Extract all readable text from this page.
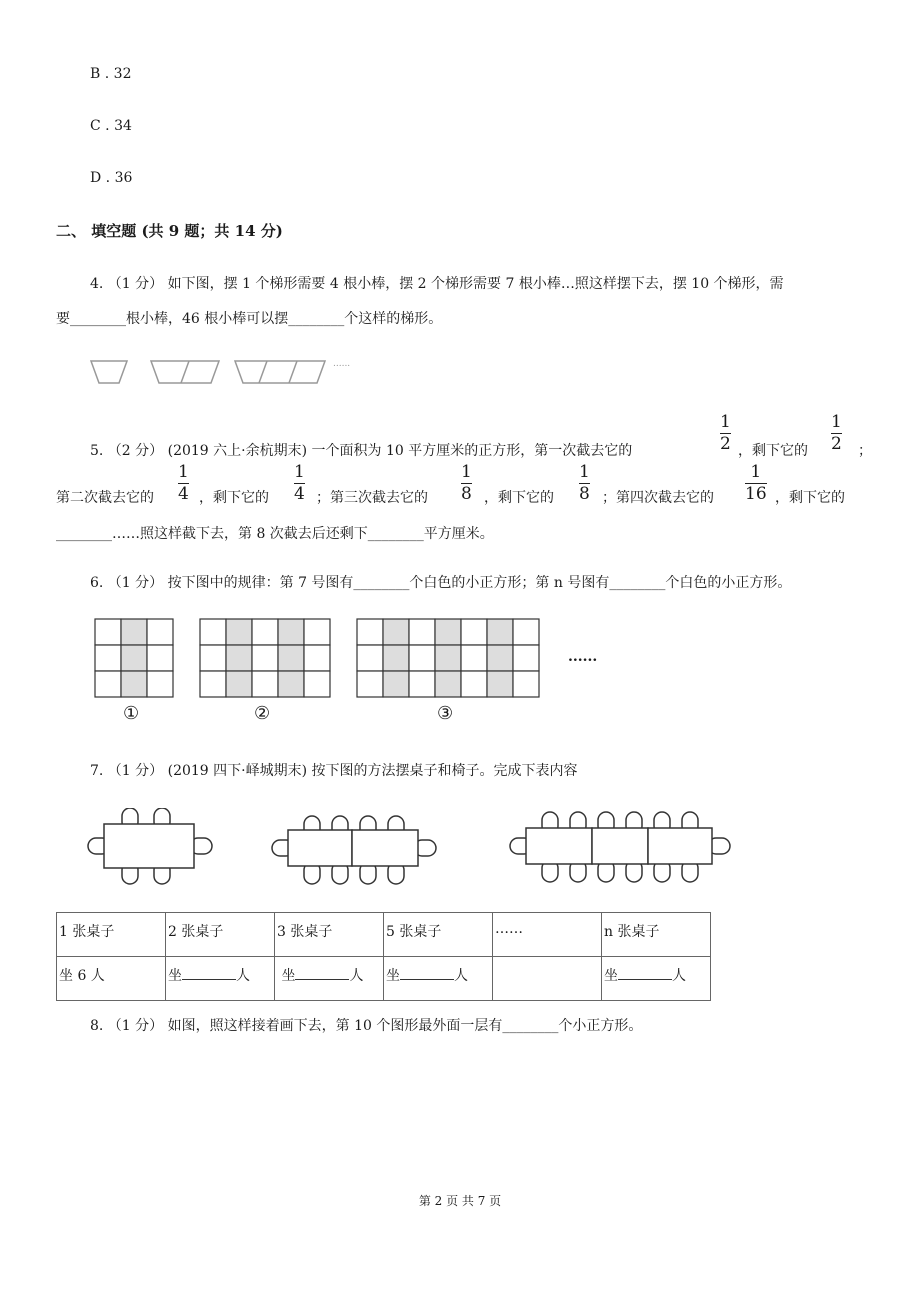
B . 32
C . 34
D . 36
二、 填空题 (共 9 题；共 14 分)
4. （1 分） 如下图，摆 1 个梯形需要 4 根小棒，摆 2 个梯形需要 7 根小棒…照这样摆下去，摆 10 个梯形，需
要________根小棒，46 根小棒可以摆________个这样的梯形。
......
5. （2 分） (2019 六上·余杭期末) 一个面积为 10 平方厘米的正方形，第一次截去它的
1
2 ，剩下它的
1
2 ；
第二次截去它的
1
4 ，剩下它的
1
4 ；第三次截去它的
1
8 ，剩下它的
1
8 ；第四次截去它的
1
16 ，剩下它的
________……照这样截下去，第 8 次截去后还剩下________平方厘米。
6. （1 分） 按下图中的规律：第 7 号图有________个白色的小正方形；第 n 号图有________个白色的小正方形。
......
①	②	③
7. （1 分） (2019 四下·峄城期末) 按下图的方法摆桌子和椅子。完成下表内容
1 张桌子	2 张桌子	3 张桌子	5 张桌子	……	n 张桌子
坐 6 人	坐 人	坐 人	坐 人		坐 人
8. （1 分） 如图，照这样接着画下去，第 10 个图形最外面一层有________个小正方形。
第 2 页 共 7 页
